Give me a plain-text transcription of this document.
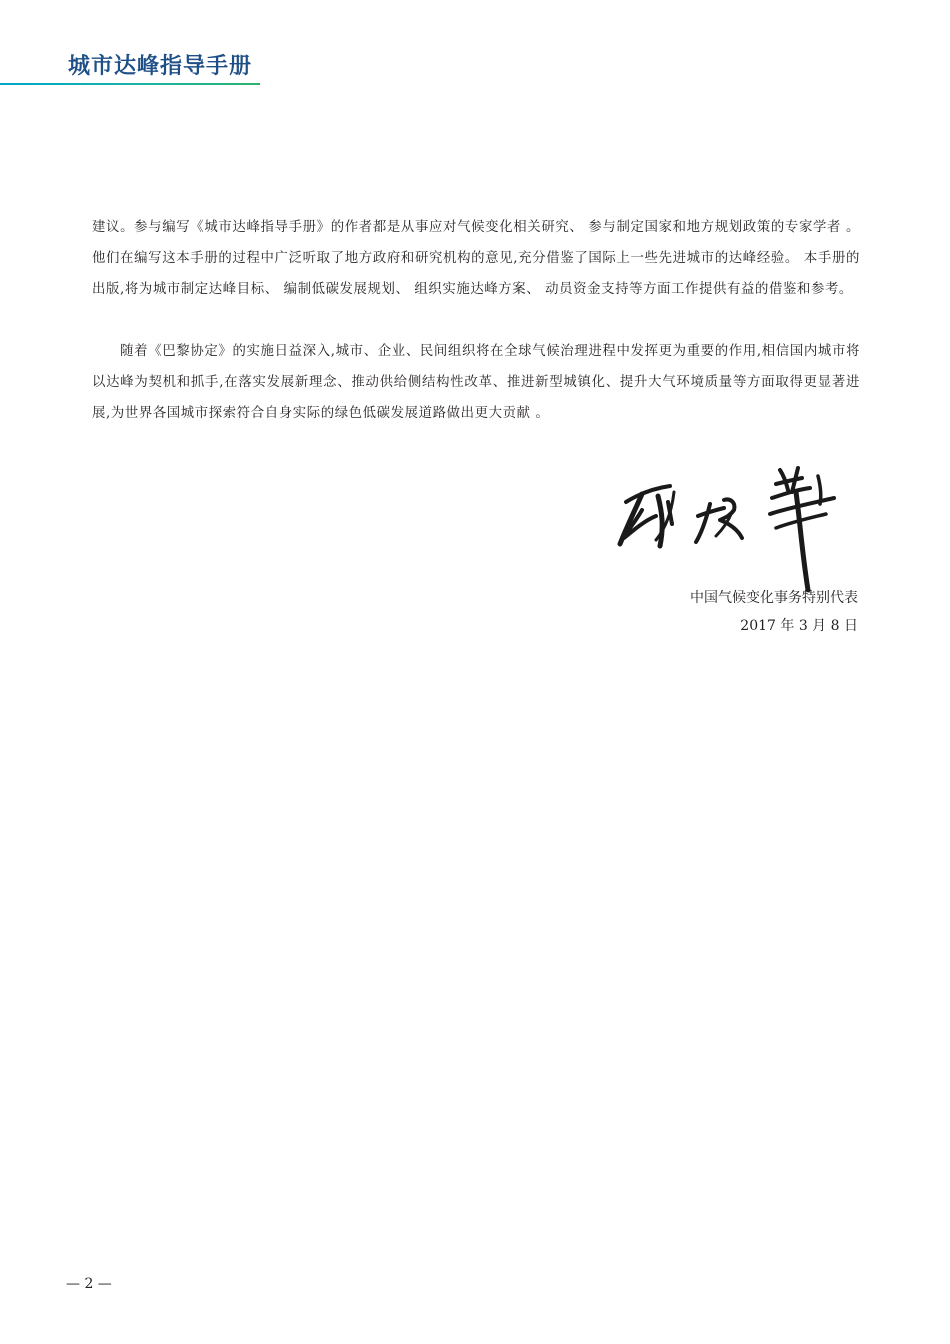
城市达峰指导手册

建议。参与编写《城市达峰指导手册》的作者都是从事应对气候变化相关研究、 参与制定国家和地方规划政策的专家学者 。 他们在编写这本手册的过程中广泛听取了地方政府和研究机构的意见,充分借鉴了国际上一些先进城市的达峰经验。 本手册的出版,将为城市制定达峰目标、 编制低碳发展规划、 组织实施达峰方案、 动员资金支持等方面工作提供有益的借鉴和参考。

随着《巴黎协定》的实施日益深入,城市、企业、民间组织将在全球气候治理进程中发挥更为重要的作用,相信国内城市将以达峰为契机和抓手,在落实发展新理念、推动供给侧结构性改革、推进新型城镇化、提升大气环境质量等方面取得更显著进展,为世界各国城市探索符合自身实际的绿色低碳发展道路做出更大贡献 。

中国气候变化事务特别代表
2017 年 3 月 8 日
— 2 —
